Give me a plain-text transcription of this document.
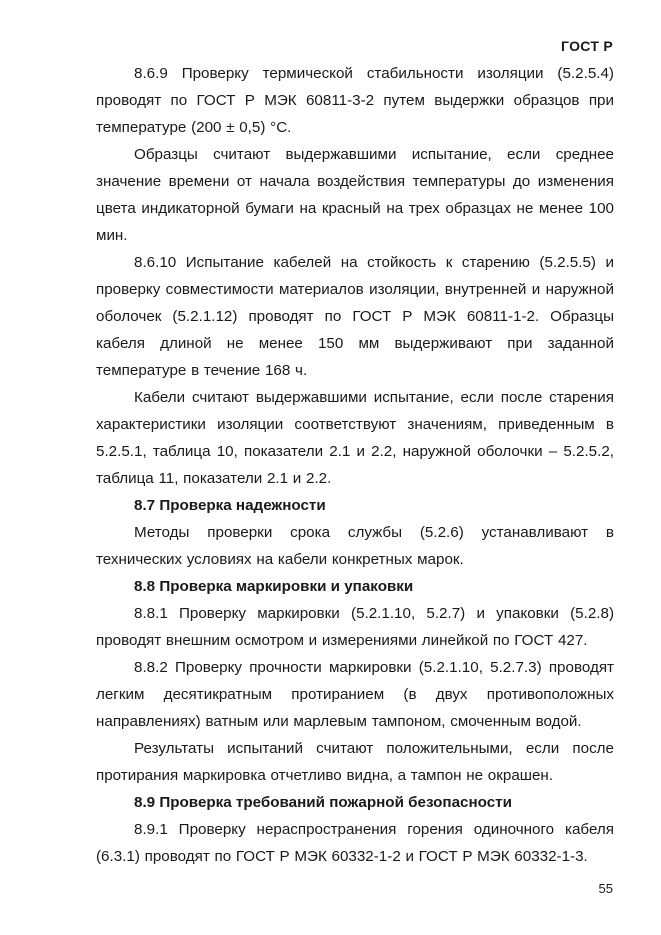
ГОСТ Р

8.6.9 Проверку термической стабильности изоляции (5.2.5.4) проводят по ГОСТ Р МЭК 60811-3-2 путем выдержки образцов при температуре (200 ± 0,5) °С.

Образцы считают выдержавшими испытание, если среднее значение времени от начала воздействия температуры до изменения цвета индикаторной бумаги на красный на трех образцах не менее 100 мин.

8.6.10 Испытание кабелей на стойкость к старению (5.2.5.5) и проверку совместимости материалов изоляции, внутренней и наружной оболочек (5.2.1.12) проводят по ГОСТ Р МЭК 60811-1-2. Образцы кабеля длиной не менее 150 мм выдерживают при заданной температуре в течение 168 ч.

Кабели считают выдержавшими испытание, если после старения характеристики изоляции соответствуют значениям, приведенным в 5.2.5.1, таблица 10, показатели 2.1 и 2.2, наружной оболочки – 5.2.5.2, таблица 11, показатели 2.1 и 2.2.

8.7 Проверка надежности

Методы проверки срока службы (5.2.6) устанавливают в технических условиях на кабели конкретных марок.

8.8 Проверка маркировки и упаковки

8.8.1 Проверку маркировки (5.2.1.10, 5.2.7) и упаковки (5.2.8) проводят внешним осмотром и измерениями линейкой по ГОСТ 427.

8.8.2 Проверку прочности маркировки (5.2.1.10, 5.2.7.3) проводят легким десятикратным протиранием (в двух противоположных направлениях) ватным или марлевым тампоном, смоченным водой.

Результаты испытаний считают положительными, если после протирания маркировка отчетливо видна, а тампон не окрашен.

8.9 Проверка требований пожарной безопасности

8.9.1 Проверку нераспространения горения одиночного кабеля (6.3.1) проводят по ГОСТ Р МЭК 60332-1-2 и ГОСТ Р МЭК 60332-1-3.

55
